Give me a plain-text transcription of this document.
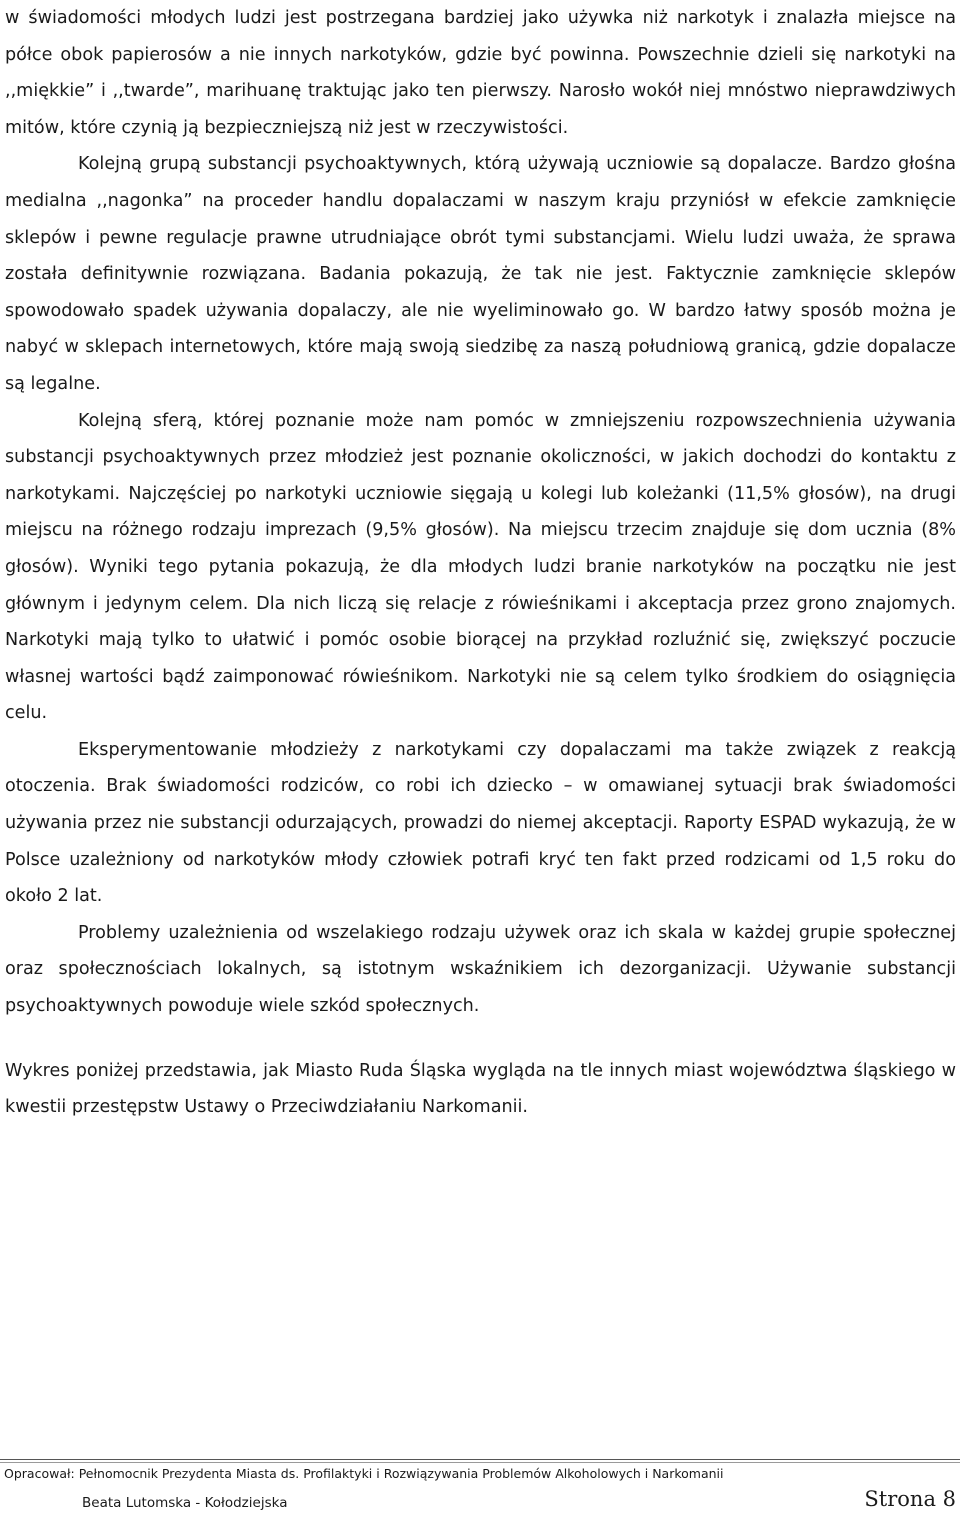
w świadomości młodych ludzi jest postrzegana bardziej jako używka niż narkotyk i znalazła miejsce na półce obok papierosów a nie innych narkotyków, gdzie być powinna. Powszechnie dzieli się narkotyki na ,,miękkie” i ,,twarde”, marihuanę traktując jako ten pierwszy. Narosło wokół niej mnóstwo nieprawdziwych mitów, które czynią ją bezpieczniejszą niż jest w rzeczywistości.

Kolejną grupą substancji psychoaktywnych, którą używają uczniowie są dopalacze. Bardzo głośna medialna ,,nagonka” na proceder handlu dopalaczami w naszym kraju przyniósł w efekcie zamknięcie sklepów i pewne regulacje prawne utrudniające obrót tymi substancjami. Wielu ludzi uważa, że sprawa została definitywnie rozwiązana. Badania pokazują, że tak nie jest. Faktycznie zamknięcie sklepów spowodowało spadek używania dopalaczy, ale nie wyeliminowało go. W bardzo łatwy sposób można je nabyć w sklepach internetowych, które mają swoją siedzibę za naszą południową granicą, gdzie dopalacze są legalne.

Kolejną sferą, której poznanie może nam pomóc w zmniejszeniu rozpowszechnienia używania substancji psychoaktywnych przez młodzież jest poznanie okoliczności, w jakich dochodzi do kontaktu z narkotykami. Najczęściej po narkotyki uczniowie sięgają u kolegi lub koleżanki (11,5% głosów), na drugi miejscu na różnego rodzaju imprezach (9,5% głosów). Na miejscu trzecim znajduje się dom ucznia (8% głosów). Wyniki tego pytania pokazują, że dla młodych ludzi branie narkotyków na początku nie jest głównym i jedynym celem. Dla nich liczą się relacje z rówieśnikami i akceptacja przez grono znajomych. Narkotyki mają tylko to ułatwić i pomóc osobie biorącej na przykład rozluźnić się, zwiększyć poczucie własnej wartości bądź zaimponować rówieśnikom. Narkotyki nie są celem tylko środkiem do osiągnięcia celu.

Eksperymentowanie młodzieży z narkotykami czy dopalaczami ma także związek z reakcją otoczenia. Brak świadomości rodziców, co robi ich dziecko – w omawianej sytuacji brak świadomości używania przez nie substancji odurzających, prowadzi do niemej akceptacji. Raporty ESPAD wykazują, że w Polsce uzależniony od narkotyków młody człowiek potrafi kryć ten fakt przed rodzicami od 1,5 roku do około 2 lat.

Problemy uzależnienia od wszelakiego rodzaju używek oraz ich skala w każdej grupie społecznej oraz społecznościach lokalnych, są istotnym wskaźnikiem ich dezorganizacji. Używanie substancji psychoaktywnych powoduje wiele szkód społecznych.

Wykres poniżej przedstawia, jak Miasto Ruda Śląska wygląda na tle innych miast województwa śląskiego w kwestii przestępstw Ustawy o Przeciwdziałaniu Narkomanii.

Opracował: Pełnomocnik Prezydenta Miasta ds. Profilaktyki i Rozwiązywania Problemów Alkoholowych i Narkomanii
Beata Lutomska - Kołodziejska	Strona 8
